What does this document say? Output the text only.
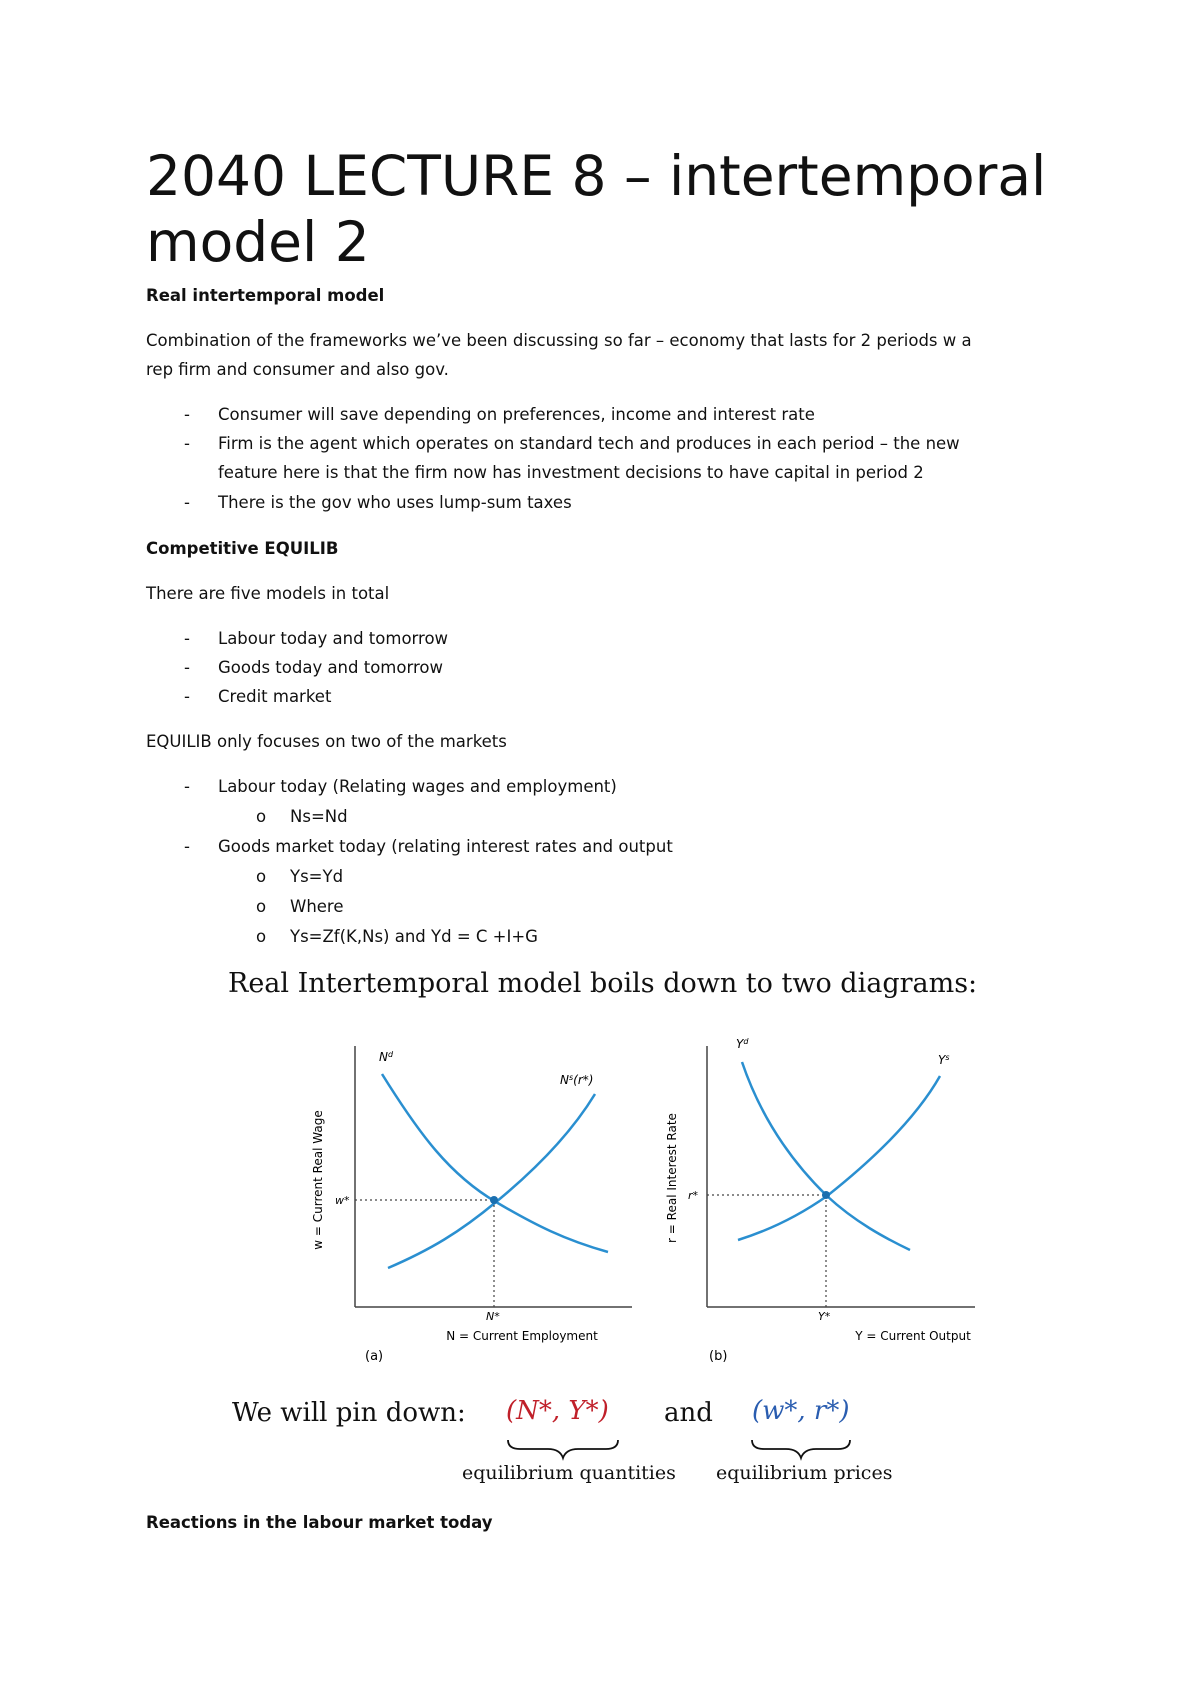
2040 LECTURE 8 – intertemporal model 2

Real intertemporal model

Combination of the frameworks we’ve been discussing so far – economy that lasts for 2 periods w a

rep firm and consumer and also gov.

- Consumer will save depending on preferences, income and interest rate
- Firm is the agent which operates on standard tech and produces in each period – the new
feature here is that the firm now has investment decisions to have capital in period 2
- There is the gov who uses lump-sum taxes

Competitive EQUILIB

There are five models in total

- Labour today and tomorrow
- Goods today and tomorrow
- Credit market

EQUILIB only focuses on two of the markets

- Labour today (Relating wages and employment)
o Ns=Nd
- Goods market today (relating interest rates and output
o Ys=Yd
o Where
o Ys=Zf(K,Ns) and Yd = C +I+G
Real Intertemporal model boils down to two diagrams:
w = Current Real Wage
N = Current Employment
(a)
w*
N*
$N^d$
$N^s(r*)$
r = Real Interest Rate
Y = Current Output
(b)
r*
Y*
$Y^d$
$Y^s$
We will pin down: (N*, Y*) and (w*, r*)
equilibrium quantities equilibrium prices

Reactions in the labour market today
